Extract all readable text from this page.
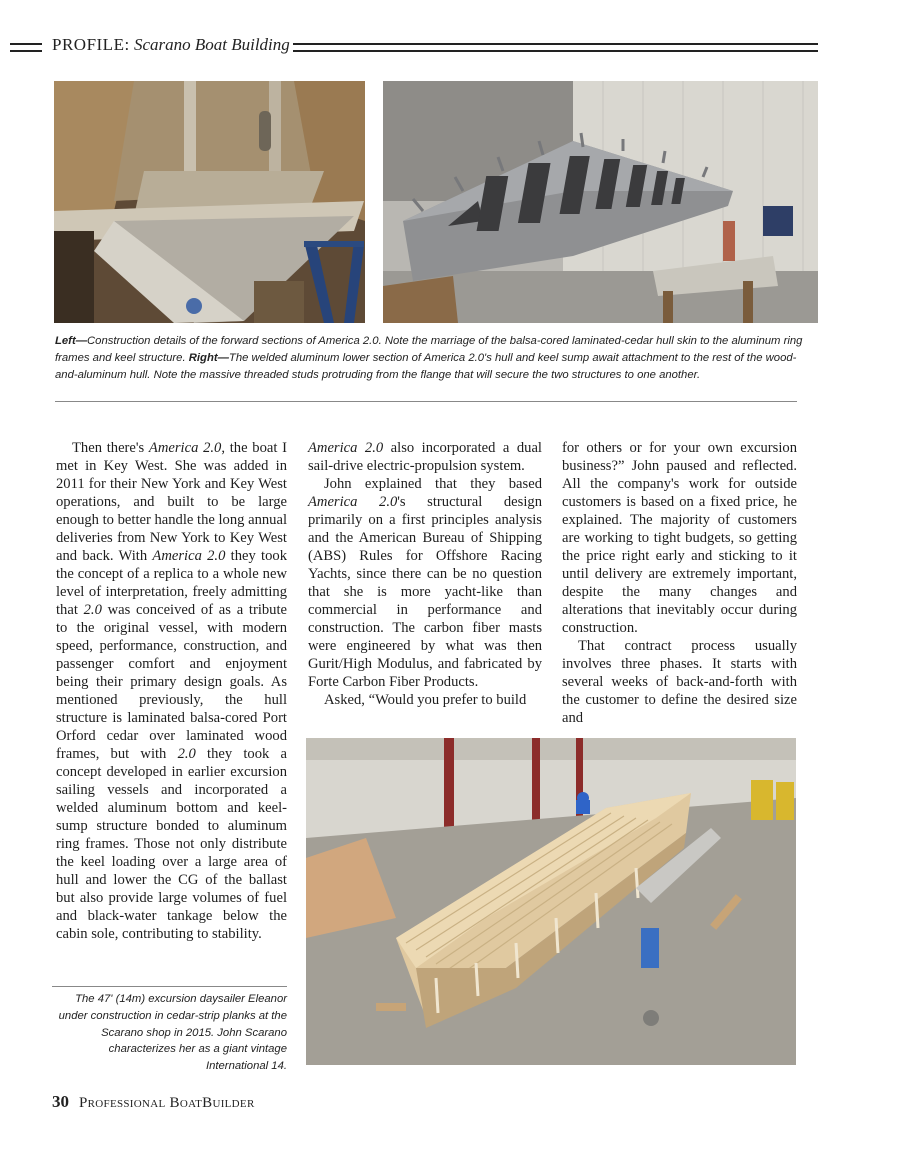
PROFILE: Scarano Boat Building
Left—Construction details of the forward sections of America 2.0. Note the marriage of the balsa-cored laminated-cedar hull skin to the aluminum ring frames and keel structure. Right—The welded aluminum lower section of America 2.0's hull and keel sump await attachment to the rest of the wood-and-aluminum hull. Note the massive threaded studs protruding from the flange that will secure the two structures to one another.

Then there's America 2.0, the boat I met in Key West. She was added in 2011 for their New York and Key West operations, and built to be large enough to better handle the long annual deliveries from New York to Key West and back. With America 2.0 they took the concept of a replica to a whole new level of interpretation, freely admitting that 2.0 was conceived of as a tribute to the original vessel, with modern speed, performance, construction, and passenger comfort and enjoyment being their primary design goals. As mentioned previously, the hull structure is laminated balsa-cored Port Orford cedar over laminated wood frames, but with 2.0 they took a concept developed in earlier excursion sailing vessels and incorporated a welded aluminum bottom and keel-sump structure bonded to aluminum ring frames. Those not only distribute the keel loading over a large area of hull and lower the CG of the ballast but also provide large volumes of fuel and black-water tankage below the cabin sole, contributing to stability.

America 2.0 also incorporated a dual sail-drive electric-propulsion system.

John explained that they based America 2.0's structural design primarily on a first principles analysis and the American Bureau of Shipping (ABS) Rules for Offshore Racing Yachts, since there can be no question that she is more yacht-like than commercial in performance and construction. The carbon fiber masts were engineered by what was then Gurit/High Modulus, and fabricated by Forte Carbon Fiber Products.

Asked, “Would you prefer to build

for others or for your own excursion business?” John paused and reflected. All the company's work for outside customers is based on a fixed price, he explained. The majority of customers are working to tight budgets, so getting the price right early and sticking to it until delivery are extremely important, despite the many changes and alterations that inevitably occur during construction.

That contract process usually involves three phases. It starts with several weeks of back-and-forth with the customer to define the desired size and

The 47' (14m) excursion daysailer Eleanor under construction in cedar-strip planks at the Scarano shop in 2015. John Scarano characterizes her as a giant vintage International 14.
30 Professional BoatBuilder
